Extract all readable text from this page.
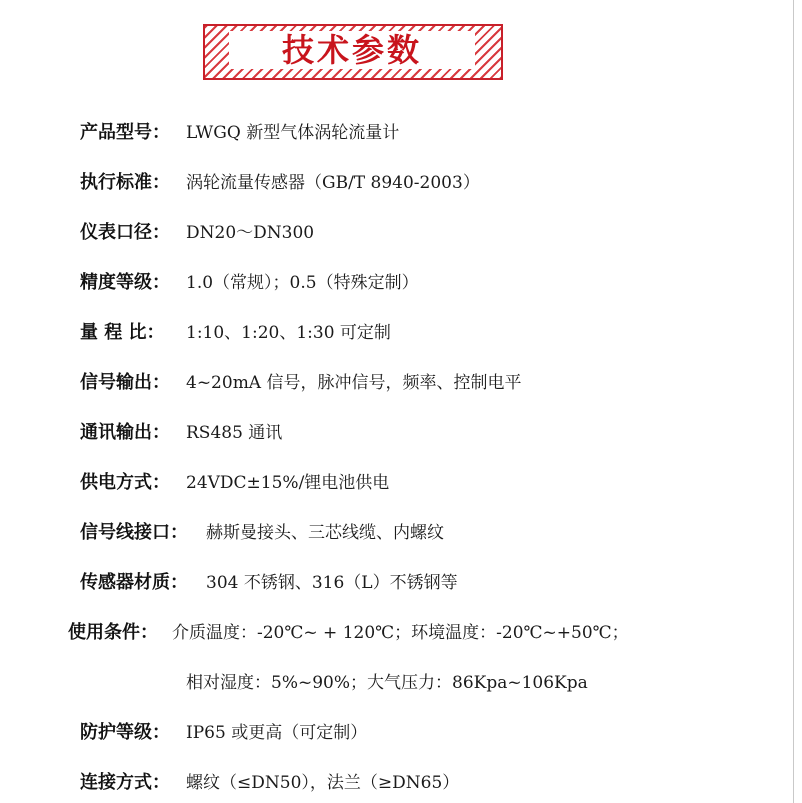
技术参数
产品型号： LWGQ 新型气体涡轮流量计
执行标准： 涡轮流量传感器（GB/T 8940-2003）
仪表口径： DN20～DN300
精度等级： 1.0（常规）；0.5（特殊定制）
量 程 比： 1:10、1:20、1:30 可定制
信号输出： 4~20mA 信号，脉冲信号，频率、控制电平
通讯输出： RS485 通讯
供电方式： 24VDC±15%/锂电池供电
信号线接口： 赫斯曼接头、三芯线缆、内螺纹
传感器材质： 304 不锈钢、316（L）不锈钢等
使用条件： 介质温度：-20℃~ + 120℃；环境温度：-20℃~+50℃；
相对湿度：5%~90%；大气压力：86Kpa~106Kpa
防护等级： IP65 或更高（可定制）
连接方式： 螺纹（≤DN50），法兰（≥DN65）
